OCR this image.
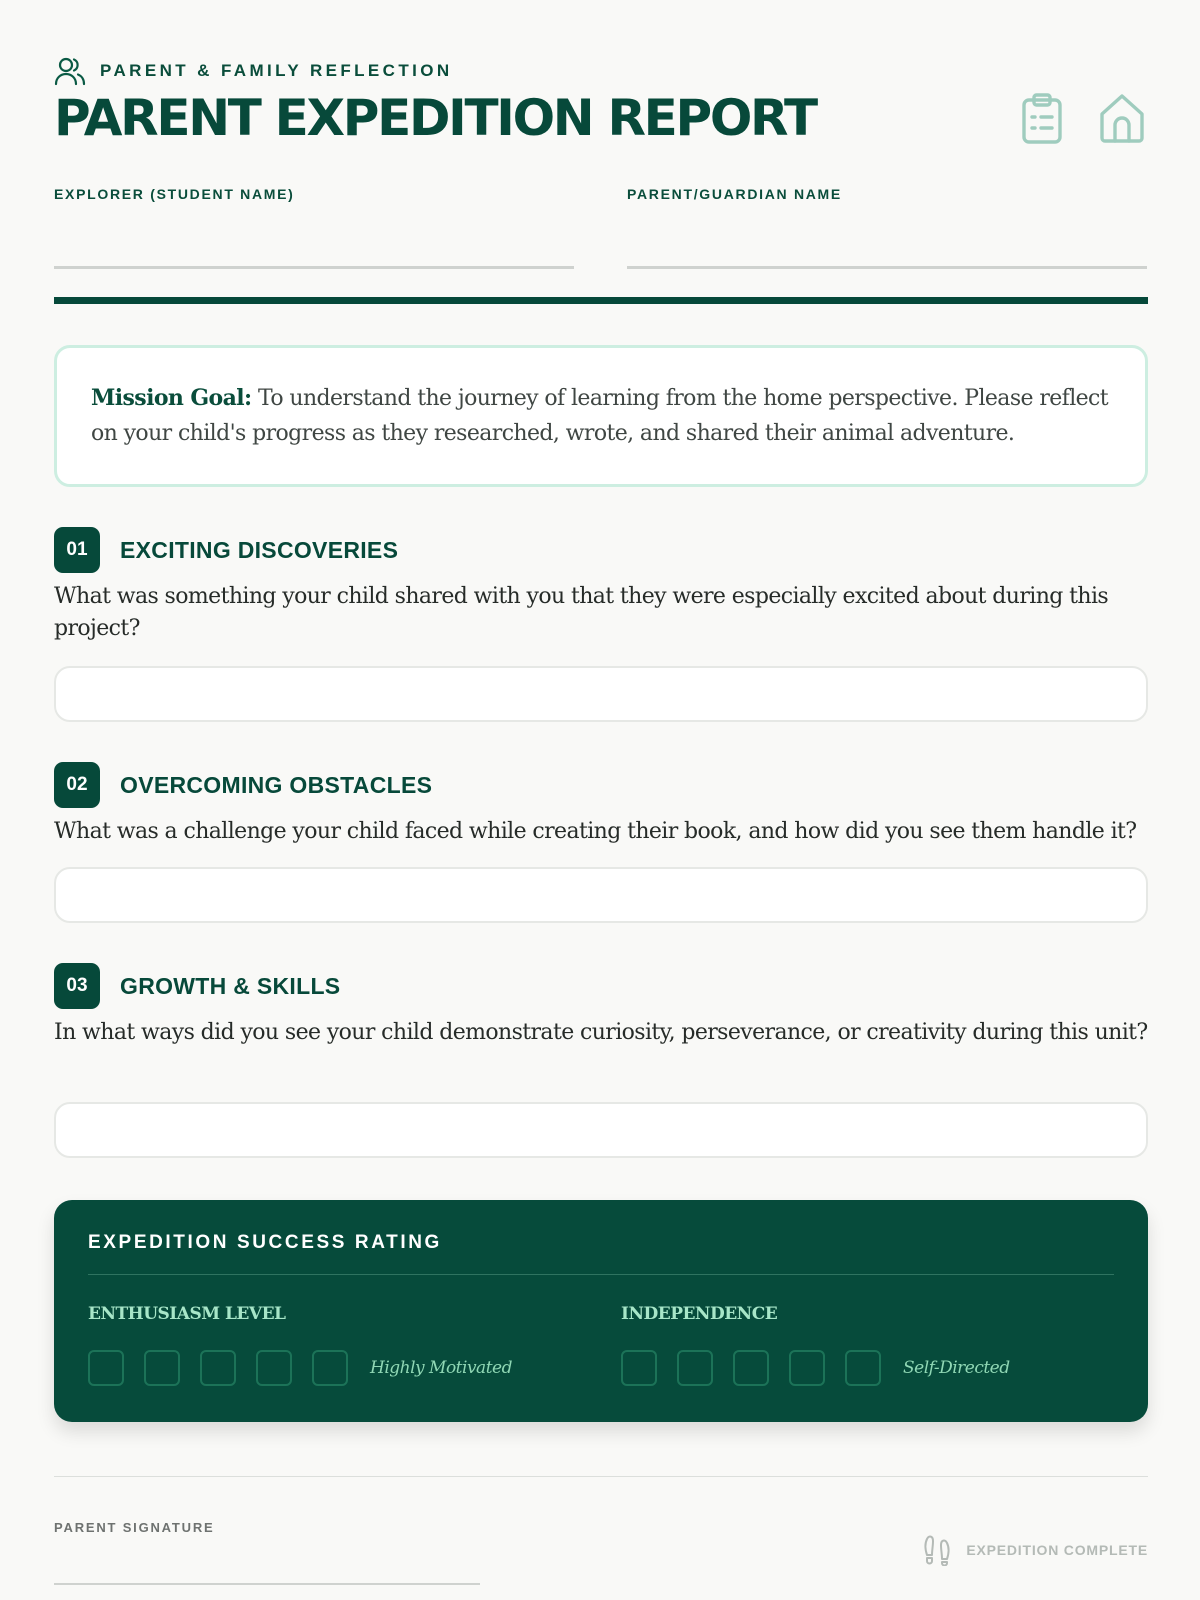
PARENT & FAMILY REFLECTION
PARENT EXPEDITION REPORT
EXPLORER (STUDENT NAME)	PARENT/GUARDIAN NAME

Mission Goal: To understand the journey of learning from the home perspective. Please reflect on your child's progress as they researched, wrote, and shared their animal adventure.

01	EXCITING DISCOVERIES

What was something your child shared with you that they were especially excited about during this project?

02	OVERCOMING OBSTACLES

What was a challenge your child faced while creating their book, and how did you see them handle it?

03	GROWTH & SKILLS

In what ways did you see your child demonstrate curiosity, perseverance, or creativity during this unit?

EXPEDITION SUCCESS RATING
ENTHUSIASM LEVEL
Highly Motivated
INDEPENDENCE
Self-Directed
PARENT SIGNATURE
EXPEDITION COMPLETE
